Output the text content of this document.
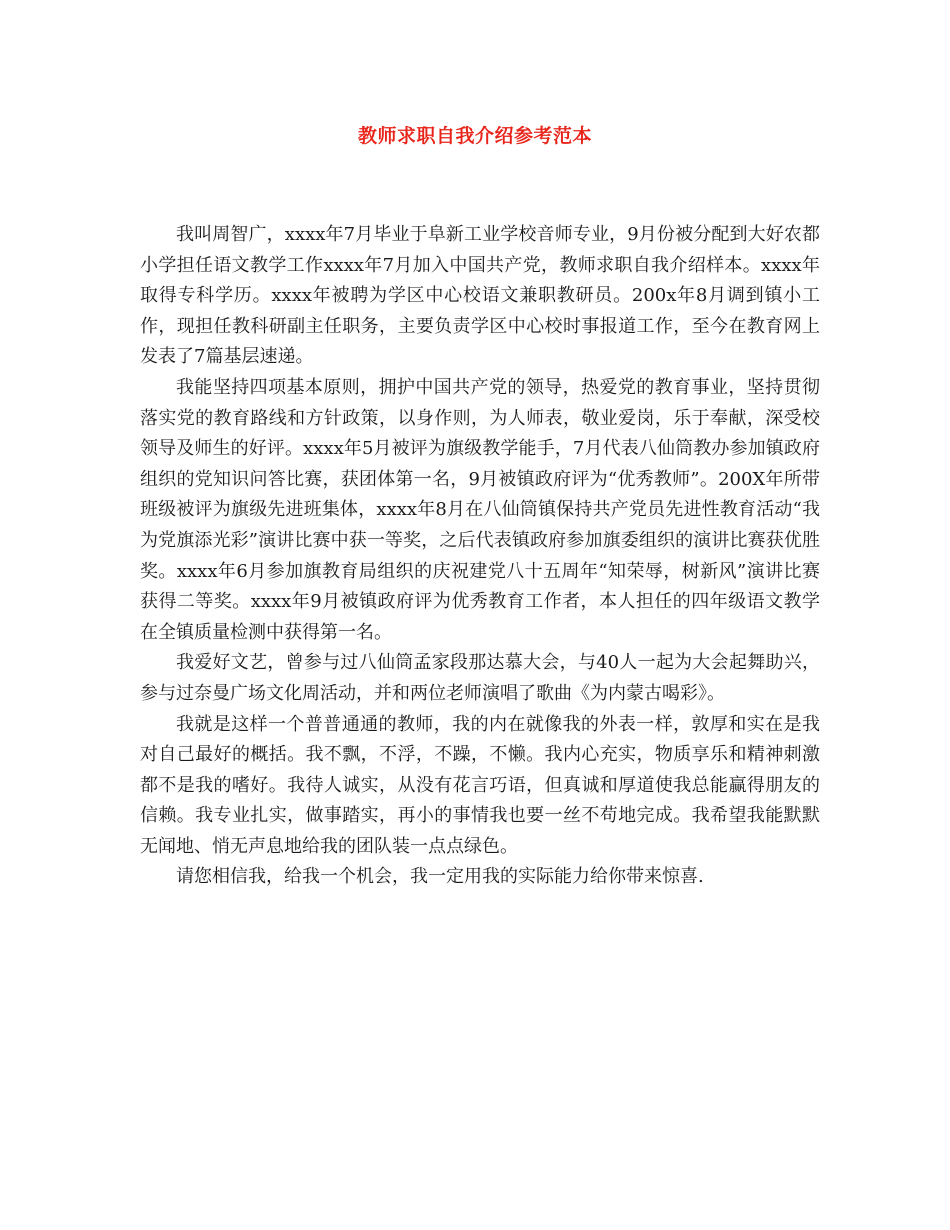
教师求职自我介绍参考范本

我叫周智广，xxxx年7月毕业于阜新工业学校音师专业，9月份被分配到大好农都小学担任语文教学工作xxxx年7月加入中国共产党，教师求职自我介绍样本。xxxx年取得专科学历。xxxx年被聘为学区中心校语文兼职教研员。200x年8月调到镇小工作，现担任教科研副主任职务，主要负责学区中心校时事报道工作，至今在教育网上发表了7篇基层速递。

我能坚持四项基本原则，拥护中国共产党的领导，热爱党的教育事业，坚持贯彻落实党的教育路线和方针政策，以身作则，为人师表，敬业爱岗，乐于奉献，深受校领导及师生的好评。xxxx年5月被评为旗级教学能手，7月代表八仙筒教办参加镇政府组织的党知识问答比赛，获团体第一名，9月被镇政府评为“优秀教师”。200X年所带班级被评为旗级先进班集体，xxxx年8月在八仙筒镇保持共产党员先进性教育活动“我为党旗添光彩”演讲比赛中获一等奖，之后代表镇政府参加旗委组织的演讲比赛获优胜奖。xxxx年6月参加旗教育局组织的庆祝建党八十五周年“知荣辱，树新风”演讲比赛获得二等奖。xxxx年9月被镇政府评为优秀教育工作者，本人担任的四年级语文教学在全镇质量检测中获得第一名。

我爱好文艺，曾参与过八仙筒孟家段那达慕大会，与40人一起为大会起舞助兴，参与过奈曼广场文化周活动，并和两位老师演唱了歌曲《为内蒙古喝彩》。

我就是这样一个普普通通的教师，我的内在就像我的外表一样，敦厚和实在是我对自己最好的概括。我不飘，不浮，不躁，不懒。我内心充实，物质享乐和精神刺激都不是我的嗜好。我待人诚实，从没有花言巧语，但真诚和厚道使我总能赢得朋友的信赖。我专业扎实，做事踏实，再小的事情我也要一丝不苟地完成。我希望我能默默无闻地、悄无声息地给我的团队装一点点绿色。

请您相信我，给我一个机会，我一定用我的实际能力给你带来惊喜.
